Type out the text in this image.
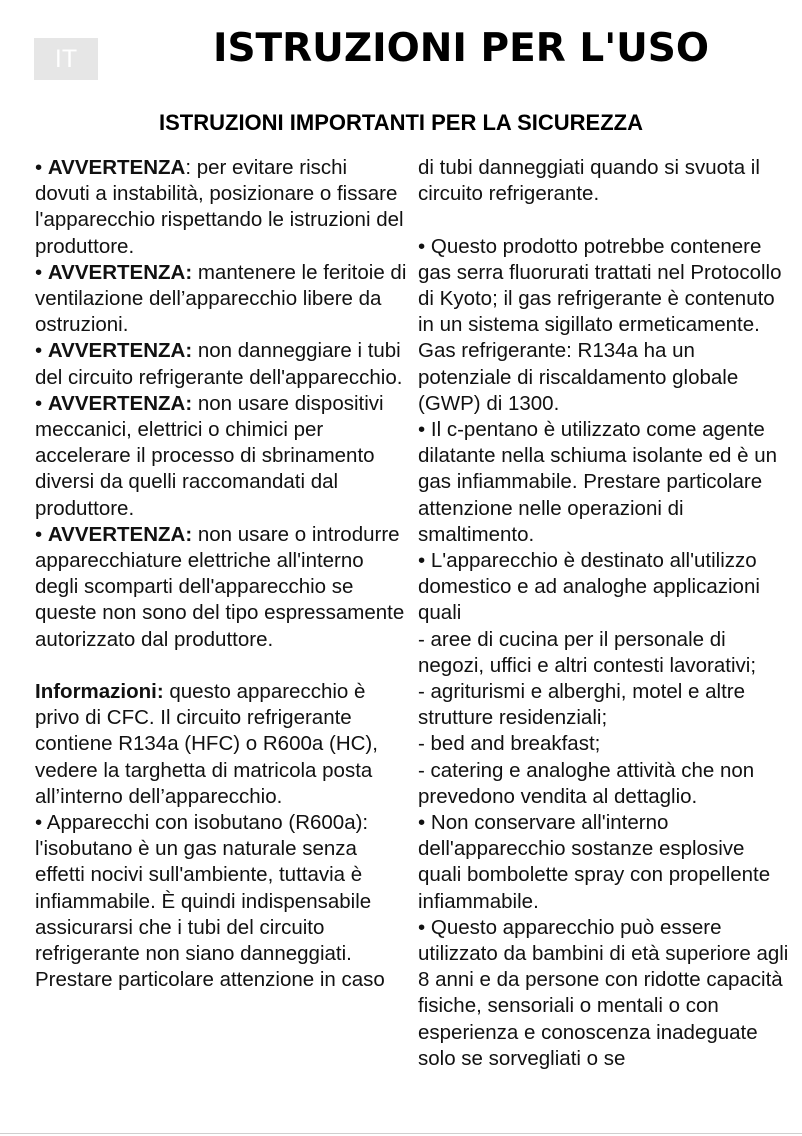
IT	ISTRUZIONI PER L'USO
ISTRUZIONI IMPORTANTI PER LA SICUREZZA

• AVVERTENZA: per evitare rischi dovuti a instabilità, posizionare o fissare l'apparecchio rispettando le istruzioni del produttore.

• AVVERTENZA: mantenere le feritoie di ventilazione dell’apparecchio libere da ostruzioni.

• AVVERTENZA: non danneggiare i tubi del circuito refrigerante dell'apparecchio.

• AVVERTENZA: non usare dispositivi meccanici, elettrici o chimici per accelerare il processo di sbrinamento diversi da quelli raccomandati dal produttore.

• AVVERTENZA: non usare o introdurre apparecchiature elettriche all'interno degli scomparti dell'apparecchio se queste non sono del tipo espressamente autorizzato dal produttore.

Informazioni: questo apparecchio è privo di CFC. Il circuito refrigerante contiene R134a (HFC) o R600a (HC), vedere la targhetta di matricola posta all’interno dell’apparecchio.

• Apparecchi con isobutano (R600a): l'isobutano è un gas naturale senza effetti nocivi sull'ambiente, tuttavia è infiammabile. È quindi indispensabile assicurarsi che i tubi del circuito refrigerante non siano danneggiati. Prestare particolare attenzione in caso

di tubi danneggiati quando si svuota il circuito refrigerante.

• Questo prodotto potrebbe contenere gas serra fluorurati trattati nel Protocollo di Kyoto; il gas refrigerante è contenuto in un sistema sigillato ermeticamente. Gas refrigerante: R134a ha un potenziale di riscaldamento globale (GWP) di 1300.

• Il c-pentano è utilizzato come agente dilatante nella schiuma isolante ed è un gas infiammabile. Prestare particolare attenzione nelle operazioni di smaltimento.

• L'apparecchio è destinato all'utilizzo domestico e ad analoghe applicazioni quali

- aree di cucina per il personale di negozi, uffici e altri contesti lavorativi;

- agriturismi e alberghi, motel e altre strutture residenziali;

- bed and breakfast;

- catering e analoghe attività che non prevedono vendita al dettaglio.

• Non conservare all'interno dell'apparecchio sostanze esplosive quali bombolette spray con propellente infiammabile.

• Questo apparecchio può essere utilizzato da bambini di età superiore agli 8 anni e da persone con ridotte capacità fisiche, sensoriali o mentali o con esperienza e conoscenza inadeguate solo se sorvegliati o se
